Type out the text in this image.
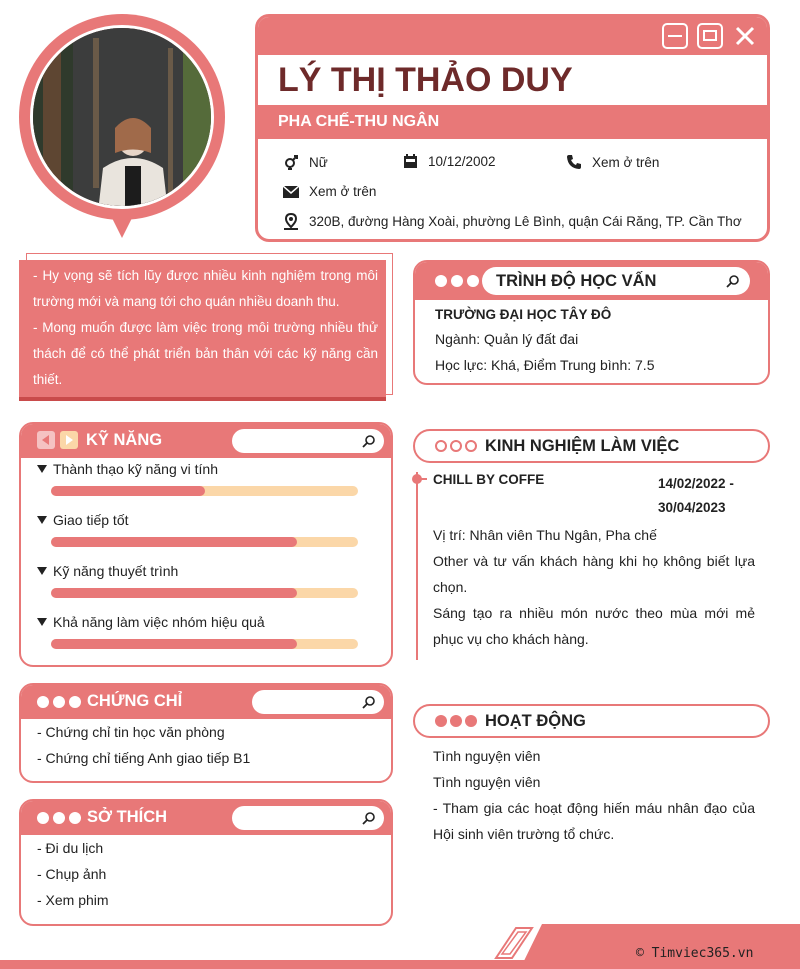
LÝ THỊ THẢO DUY
PHA CHẾ-THU NGÂN
Nữ	10/12/2002	Xem ở trên
Xem ở trên
320B, đường Hàng Xoài, phường Lê Bình, quận Cái Răng, TP. Cần Thơ
- Hy vọng sẽ tích lũy được nhiều kinh nghiệm trong môi trường mới và mang tới cho quán nhiều doanh thu.
- Mong muốn được làm việc trong môi trường nhiều thử thách để có thể phát triển bản thân với các kỹ năng cần thiết.
KỸ NĂNG
Thành thạo kỹ năng vi tính
Giao tiếp tốt
Kỹ năng thuyết trình
Khả năng làm việc nhóm hiệu quả
CHỨNG CHỈ
- Chứng chỉ tin học văn phòng
- Chứng chỉ tiếng Anh giao tiếp B1
SỞ THÍCH
- Đi du lịch
- Chụp ảnh
- Xem phim
TRÌNH ĐỘ HỌC VẤN
TRƯỜNG ĐẠI HỌC TÂY ĐÔ
Ngành: Quản lý đất đai
Học lực: Khá, Điểm Trung bình: 7.5
KINH NGHIỆM LÀM VIỆC
CHILL BY COFFE	14/02/2022 -
30/04/2023
Vị trí: Nhân viên Thu Ngân, Pha chế
Other và tư vấn khách hàng khi họ không biết lựa chọn.
Sáng tạo ra nhiều món nước theo mùa mới mẻ phục vụ cho khách hàng.
HOẠT ĐỘNG
Tình nguyện viên
Tình nguyện viên
- Tham gia các hoạt động hiến máu nhân đạo của Hội sinh viên trường tổ chức.
© Timviec365.vn
